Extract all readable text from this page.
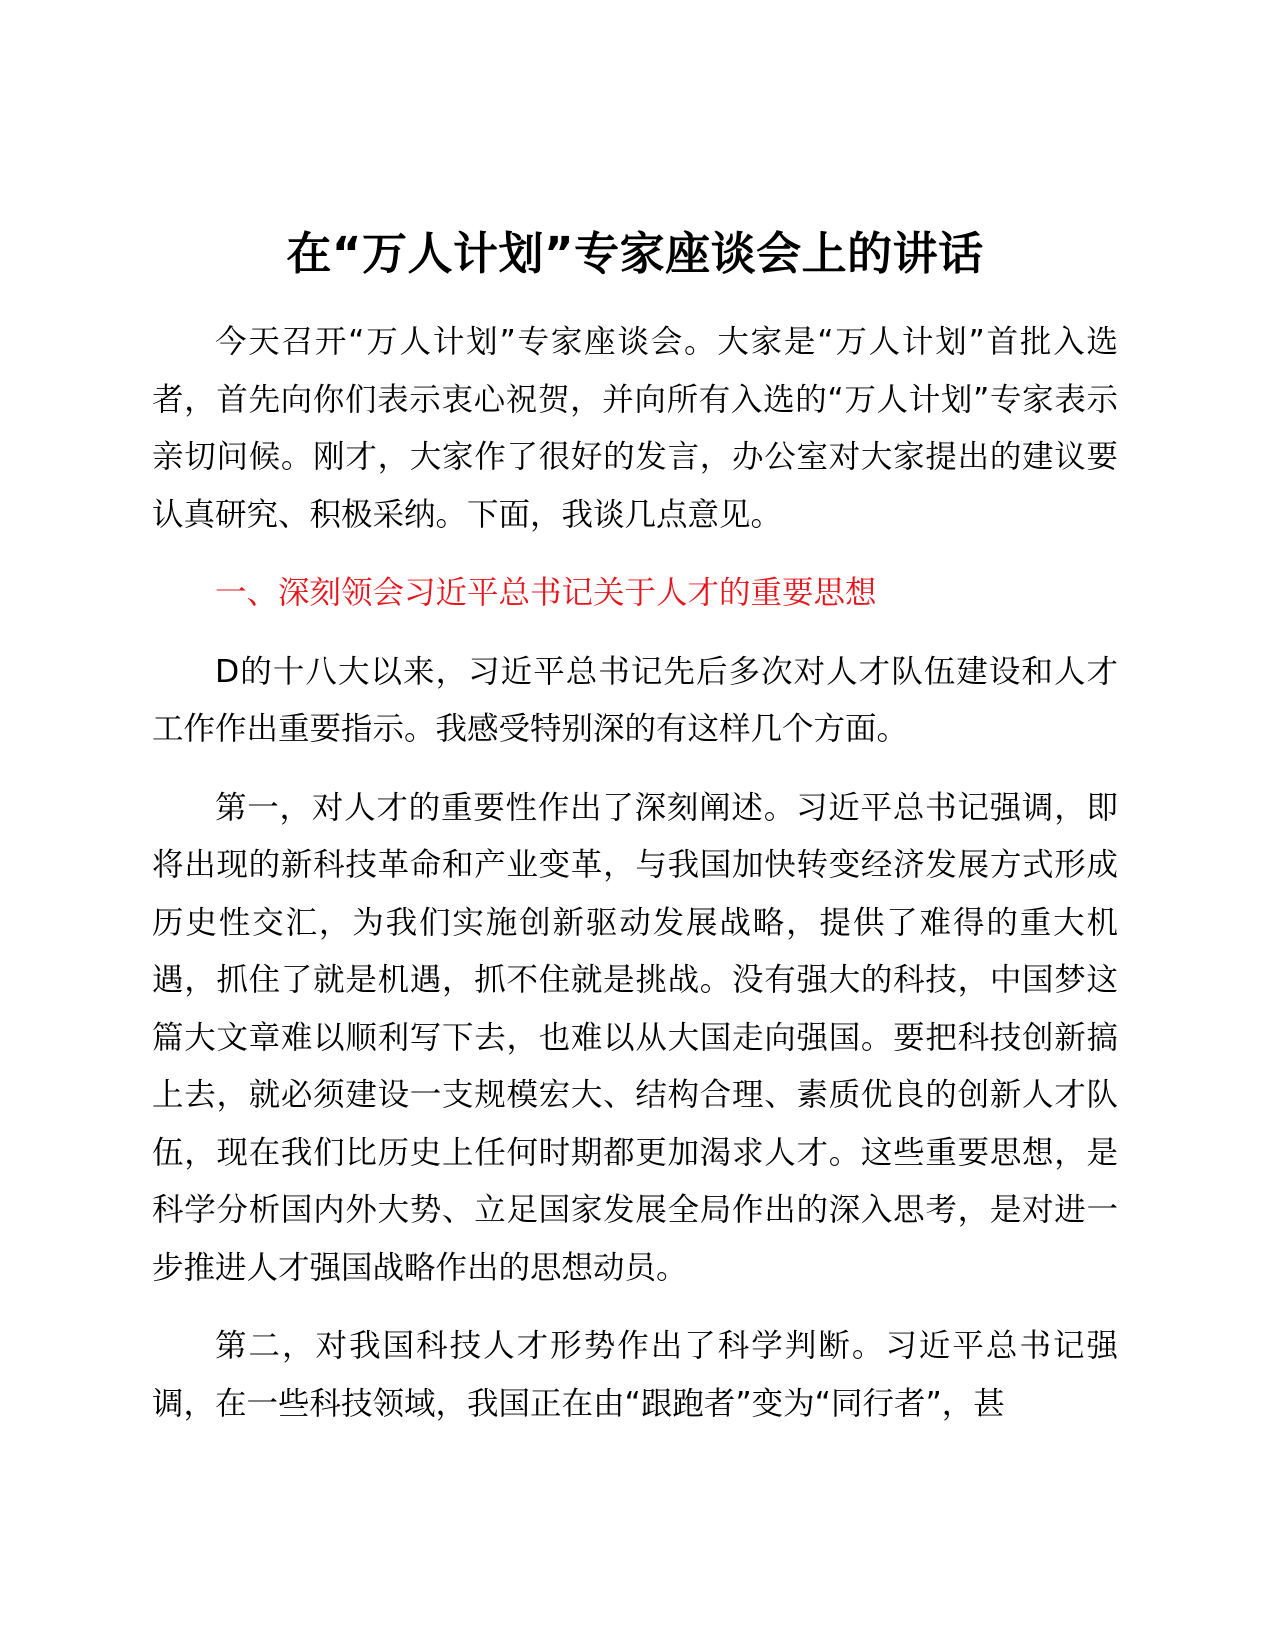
在“万人计划”专家座谈会上的讲话

今天召开“万人计划”专家座谈会。大家是“万人计划”首批入选者，首先向你们表示衷心祝贺，并向所有入选的“万人计划”专家表示亲切问候。刚才，大家作了很好的发言，办公室对大家提出的建议要认真研究、积极采纳。下面，我谈几点意见。

一、深刻领会习近平总书记关于人才的重要思想

D的十八大以来，习近平总书记先后多次对人才队伍建设和人才工作作出重要指示。我感受特别深的有这样几个方面。

第一，对人才的重要性作出了深刻阐述。习近平总书记强调，即将出现的新科技革命和产业变革，与我国加快转变经济发展方式形成历史性交汇，为我们实施创新驱动发展战略，提供了难得的重大机遇，抓住了就是机遇，抓不住就是挑战。没有强大的科技，中国梦这篇大文章难以顺利写下去，也难以从大国走向强国。要把科技创新搞上去，就必须建设一支规模宏大、结构合理、素质优良的创新人才队伍，现在我们比历史上任何时期都更加渴求人才。这些重要思想，是科学分析国内外大势、立足国家发展全局作出的深入思考，是对进一步推进人才强国战略作出的思想动员。

第二，对我国科技人才形势作出了科学判断。习近平总书记强调，在一些科技领域，我国正在由“跟跑者”变为“同行者”，甚
